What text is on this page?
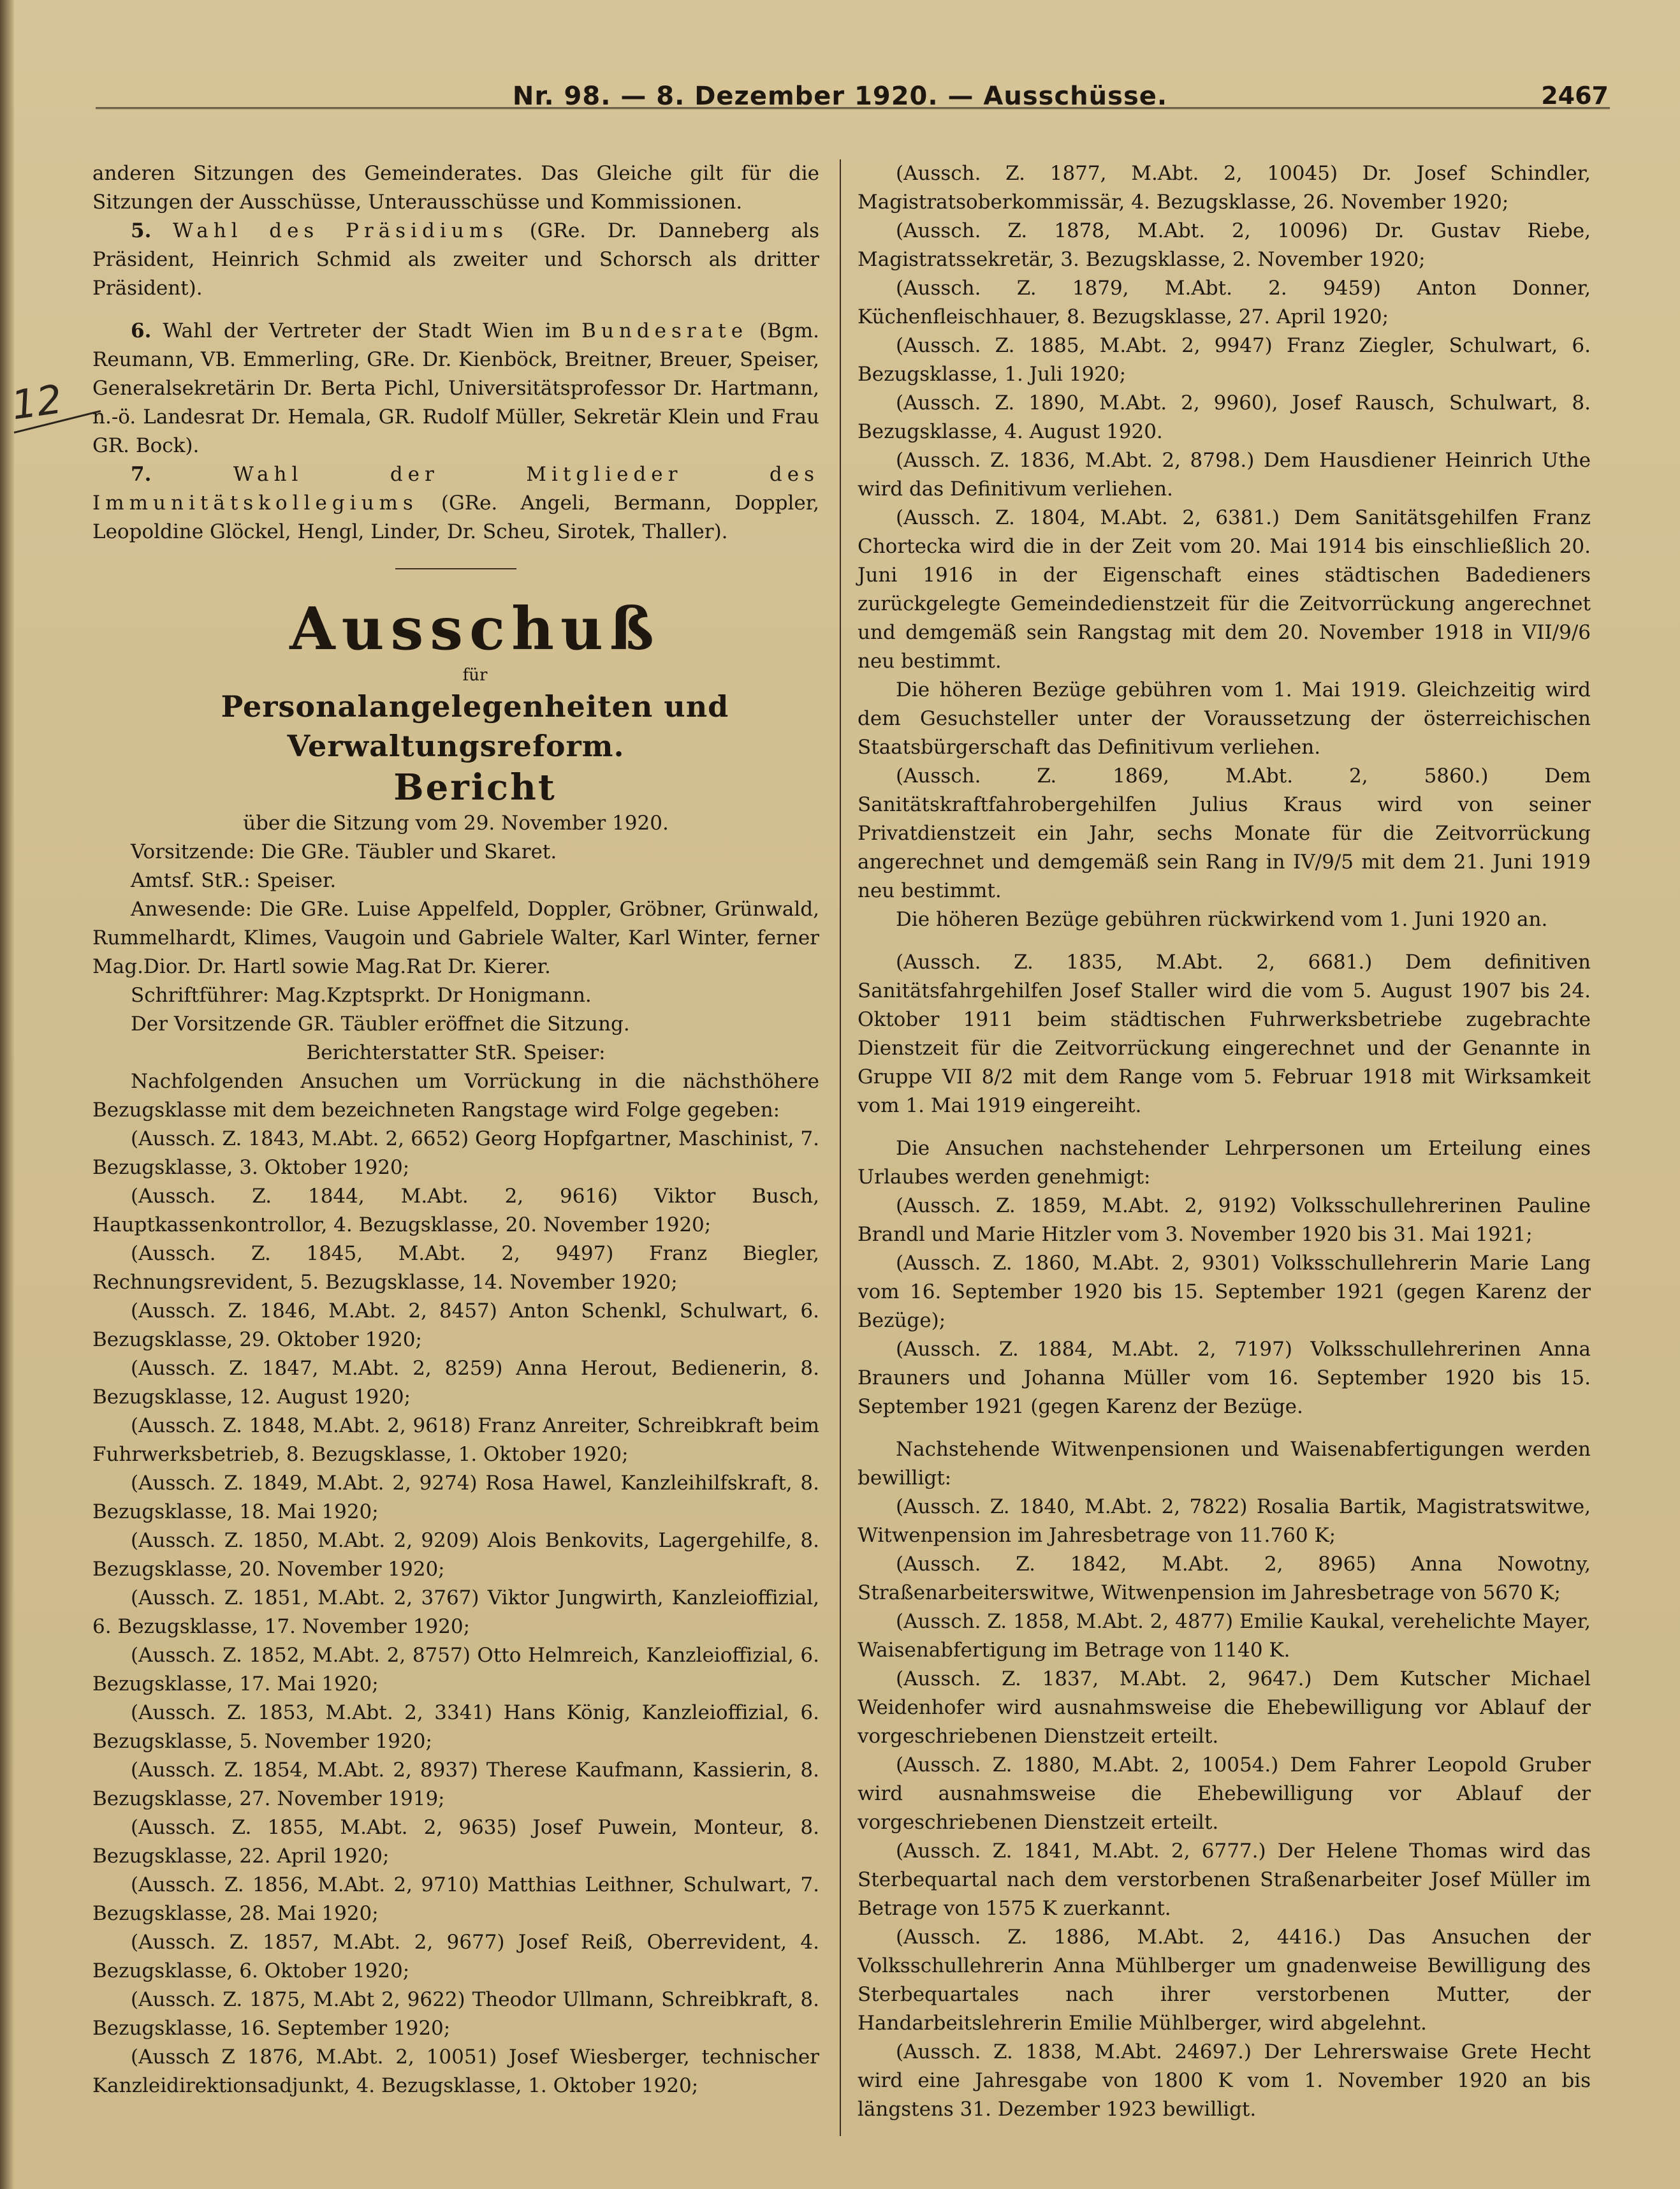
Nr. 98. — 8. Dezember 1920. — Ausschüsse.	2467
12

anderen Sitzungen des Gemeinderates. Das Gleiche gilt für die Sitzungen der Ausschüsse, Unterausschüsse und Kommissionen.

5. Wahl des Präsidiums (GRe. Dr. Danneberg als Präsident, Heinrich Schmid als zweiter und Schorsch als dritter Präsident).

6. Wahl der Vertreter der Stadt Wien im Bundesrate (Bgm. Reumann, VB. Emmerling, GRe. Dr. Kienböck, Breitner, Breuer, Speiser, Generalsekretärin Dr. Berta Pichl, Universitätsprofessor Dr. Hartmann, n.-ö. Landesrat Dr. Hemala, GR. Rudolf Müller, Sekretär Klein und Frau GR. Bock).

7.	Wahl der Mitglieder des Immunitätskollegiums (GRe. Angeli, Bermann, Doppler, Leopoldine Glöckel, Hengl, Linder, Dr. Scheu, Sirotek, Thaller).

Ausschuß

für

Personalangelegenheiten und Verwaltungsreform.

Bericht

über die Sitzung vom 29. November 1920.

Vorsitzende: Die GRe. Täubler und Skaret.

Amtsf. StR.: Speiser.

Anwesende: Die GRe. Luise Appelfeld, Doppler, Gröbner, Grünwald, Rummelhardt, Klimes, Vaugoin und Gabriele Walter, Karl Winter, ferner Mag.Dior. Dr. Hartl sowie Mag.Rat Dr. Kierer.

Schriftführer: Mag.Kzptsprkt. Dr Honigmann.

Der Vorsitzende GR. Täubler eröffnet die Sitzung.

Berichterstatter StR. Speiser:

Nachfolgenden Ansuchen um Vorrückung in die nächsthöhere Bezugsklasse mit dem bezeichneten Rangstage wird Folge gegeben:

(Aussch. Z. 1843, M.Abt. 2, 6652) Georg Hopfgartner, Maschinist, 7. Bezugsklasse, 3. Oktober 1920;

(Aussch. Z. 1844, M.Abt. 2, 9616) Viktor Busch, Hauptkassenkontrollor, 4. Bezugsklasse, 20. November 1920;

(Aussch. Z. 1845, M.Abt. 2, 9497) Franz Biegler, Rechnungsrevident, 5. Bezugsklasse, 14. November 1920;

(Aussch. Z. 1846, M.Abt. 2, 8457) Anton Schenkl, Schulwart, 6. Bezugsklasse, 29. Oktober 1920;

(Aussch. Z. 1847, M.Abt. 2, 8259) Anna Herout, Bedienerin, 8. Bezugsklasse, 12. August 1920;

(Aussch. Z. 1848, M.Abt. 2, 9618) Franz Anreiter, Schreibkraft beim Fuhrwerksbetrieb, 8. Bezugsklasse, 1. Oktober 1920;

(Aussch. Z. 1849, M.Abt. 2, 9274) Rosa Hawel, Kanzleihilfskraft, 8. Bezugsklasse, 18. Mai 1920;

(Aussch. Z. 1850, M.Abt. 2, 9209) Alois Benkovits, Lagergehilfe, 8. Bezugsklasse, 20. November 1920;

(Aussch. Z. 1851, M.Abt. 2, 3767) Viktor Jungwirth, Kanzleioffizial, 6. Bezugsklasse, 17. November 1920;

(Aussch. Z. 1852, M.Abt. 2, 8757) Otto Helmreich, Kanzleioffizial, 6. Bezugsklasse, 17. Mai 1920;

(Aussch. Z. 1853, M.Abt. 2, 3341) Hans König, Kanzleioffizial, 6. Bezugsklasse, 5. November 1920;

(Aussch. Z. 1854, M.Abt. 2, 8937) Therese Kaufmann, Kassierin, 8. Bezugsklasse, 27. November 1919;

(Aussch. Z. 1855, M.Abt. 2, 9635) Josef Puwein, Monteur, 8. Bezugsklasse, 22. April 1920;

(Aussch. Z. 1856, M.Abt. 2, 9710) Matthias Leithner, Schulwart, 7. Bezugsklasse, 28. Mai 1920;

(Aussch. Z. 1857, M.Abt. 2, 9677) Josef Reiß, Oberrevident, 4. Bezugsklasse, 6. Oktober 1920;

(Aussch. Z. 1875, M.Abt 2, 9622) Theodor Ullmann, Schreibkraft, 8. Bezugsklasse, 16. September 1920;

(Aussch Z 1876, M.Abt. 2, 10051) Josef Wiesberger, technischer Kanzleidirektionsadjunkt, 4. Bezugsklasse, 1. Oktober 1920;

(Aussch. Z. 1877, M.Abt. 2, 10045) Dr. Josef Schindler, Magistratsoberkommissär, 4. Bezugsklasse, 26. November 1920;

(Aussch. Z. 1878, M.Abt. 2, 10096) Dr. Gustav Riebe, Magistratssekretär, 3. Bezugsklasse, 2. November 1920;

(Aussch. Z. 1879, M.Abt. 2. 9459) Anton Donner, Küchenfleischhauer, 8. Bezugsklasse, 27. April 1920;

(Aussch. Z. 1885, M.Abt. 2, 9947) Franz Ziegler, Schulwart, 6. Bezugsklasse, 1. Juli 1920;

(Aussch. Z. 1890, M.Abt. 2, 9960), Josef Rausch, Schulwart, 8. Bezugsklasse, 4. August 1920.

(Aussch. Z. 1836, M.Abt. 2, 8798.) Dem Hausdiener Heinrich Uthe wird das Definitivum verliehen.

(Aussch. Z. 1804, M.Abt. 2, 6381.) Dem Sanitätsgehilfen Franz Chortecka wird die in der Zeit vom 20. Mai 1914 bis einschließlich 20. Juni 1916 in der Eigenschaft eines städtischen Badedieners zurückgelegte Gemeindedienstzeit für die Zeitvorrückung angerechnet und demgemäß sein Rangstag mit dem 20. November 1918 in VII/9/6 neu bestimmt.

Die höheren Bezüge gebühren vom 1. Mai 1919. Gleichzeitig wird dem Gesuchsteller unter der Voraussetzung der österreichischen Staatsbürgerschaft das Definitivum verliehen.

(Aussch. Z. 1869, M.Abt. 2, 5860.) Dem Sanitätskraftfahrobergehilfen Julius Kraus wird von seiner Privatdienstzeit ein Jahr, sechs Monate für die Zeitvorrückung angerechnet und demgemäß sein Rang in IV/9/5 mit dem 21. Juni 1919 neu bestimmt.

Die höheren Bezüge gebühren rückwirkend vom 1. Juni 1920 an.

(Aussch. Z. 1835, M.Abt. 2, 6681.) Dem definitiven Sanitätsfahrgehilfen Josef Staller wird die vom 5. August 1907 bis 24. Oktober 1911 beim städtischen Fuhrwerksbetriebe zugebrachte Dienstzeit für die Zeitvorrückung eingerechnet und der Genannte in Gruppe VII 8/2 mit dem Range vom 5. Februar 1918 mit Wirksamkeit vom 1. Mai 1919 eingereiht.

Die Ansuchen nachstehender Lehrpersonen um Erteilung eines Urlaubes werden genehmigt:

(Aussch. Z. 1859, M.Abt. 2, 9192) Volksschullehrerinen Pauline Brandl und Marie Hitzler vom 3. November 1920 bis 31. Mai 1921;

(Aussch. Z. 1860, M.Abt. 2, 9301) Volksschullehrerin Marie Lang vom 16. September 1920 bis 15. September 1921 (gegen Karenz der Bezüge);

(Aussch. Z. 1884, M.Abt. 2, 7197) Volksschullehrerinen Anna Brauners und Johanna Müller vom 16. September 1920 bis 15. September 1921 (gegen Karenz der Bezüge.

Nachstehende Witwenpensionen und Waisenabfertigungen werden bewilligt:

(Aussch. Z. 1840, M.Abt. 2, 7822) Rosalia Bartik, Magistratswitwe, Witwenpension im Jahresbetrage von 11.760 K;

(Aussch. Z. 1842, M.Abt. 2, 8965) Anna Nowotny, Straßenarbeiterswitwe, Witwenpension im Jahresbetrage von 5670 K;

(Aussch. Z. 1858, M.Abt. 2, 4877) Emilie Kaukal, verehelichte Mayer, Waisenabfertigung im Betrage von 1140 K.

(Aussch. Z. 1837, M.Abt. 2, 9647.) Dem Kutscher Michael Weidenhofer wird ausnahmsweise die Ehebewilligung vor Ablauf der vorgeschriebenen Dienstzeit erteilt.

(Aussch. Z. 1880, M.Abt. 2, 10054.) Dem Fahrer Leopold Gruber wird ausnahmsweise die Ehebewilligung vor Ablauf der vorgeschriebenen Dienstzeit erteilt.

(Aussch. Z. 1841, M.Abt. 2, 6777.) Der Helene Thomas wird das Sterbequartal nach dem verstorbenen Straßenarbeiter Josef Müller im Betrage von 1575 K zuerkannt.

(Aussch. Z. 1886, M.Abt. 2, 4416.) Das Ansuchen der Volksschullehrerin Anna Mühlberger um gnadenweise Bewilligung des Sterbequartales nach ihrer verstorbenen Mutter, der Handarbeitslehrerin Emilie Mühlberger, wird abgelehnt.

(Aussch. Z. 1838, M.Abt. 24697.) Der Lehrerswaise Grete Hecht wird eine Jahresgabe von 1800 K vom 1. November 1920 an bis längstens 31. Dezember 1923 bewilligt.
